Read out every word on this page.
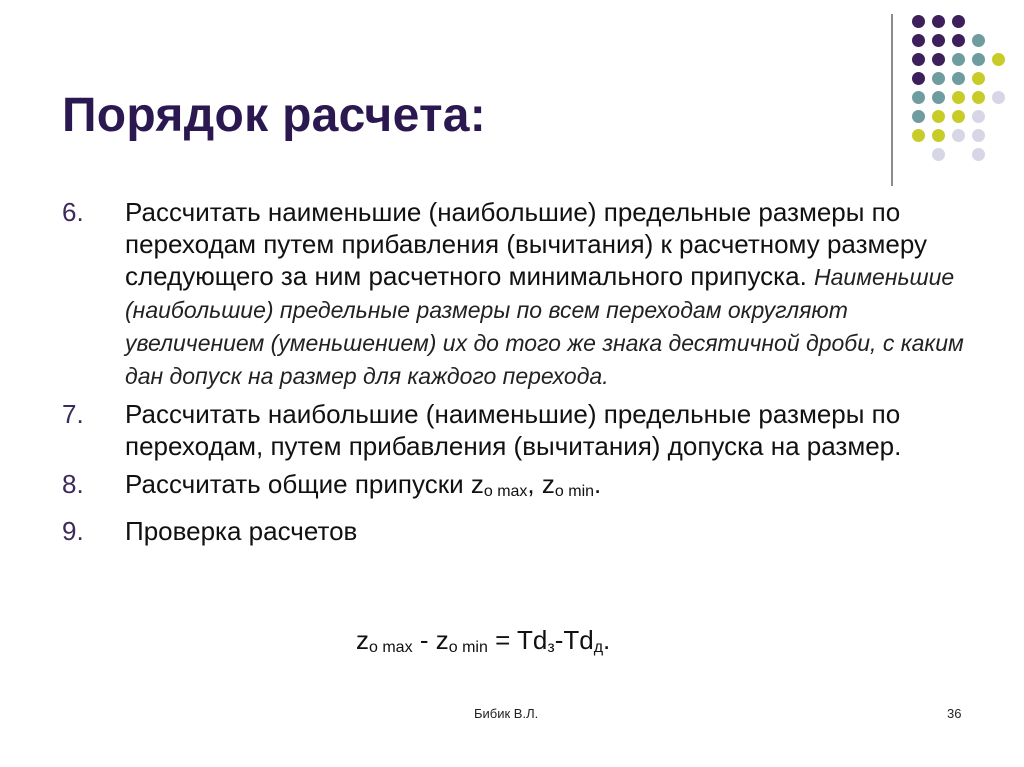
Порядок расчета:
6. Рассчитать наименьшие (наибольшие) предельные размеры по переходам путем прибавления (вычитания) к расчетному размеру следующего за ним расчетного минимального припуска. Наименьшие (наибольшие) предельные размеры по всем переходам округляют увеличением (уменьшением) их до того же знака десятичной дроби, с каким дан допуск на размер для каждого перехода.
7. Рассчитать наибольшие (наименьшие) предельные размеры по переходам, путем прибавления (вычитания) допуска на размер.
8. Рассчитать общие припуски zo max, zo min.
9. Проверка расчетов
zo max - zo min = Tdз-Tdд.
Бибик В.Л.	36
